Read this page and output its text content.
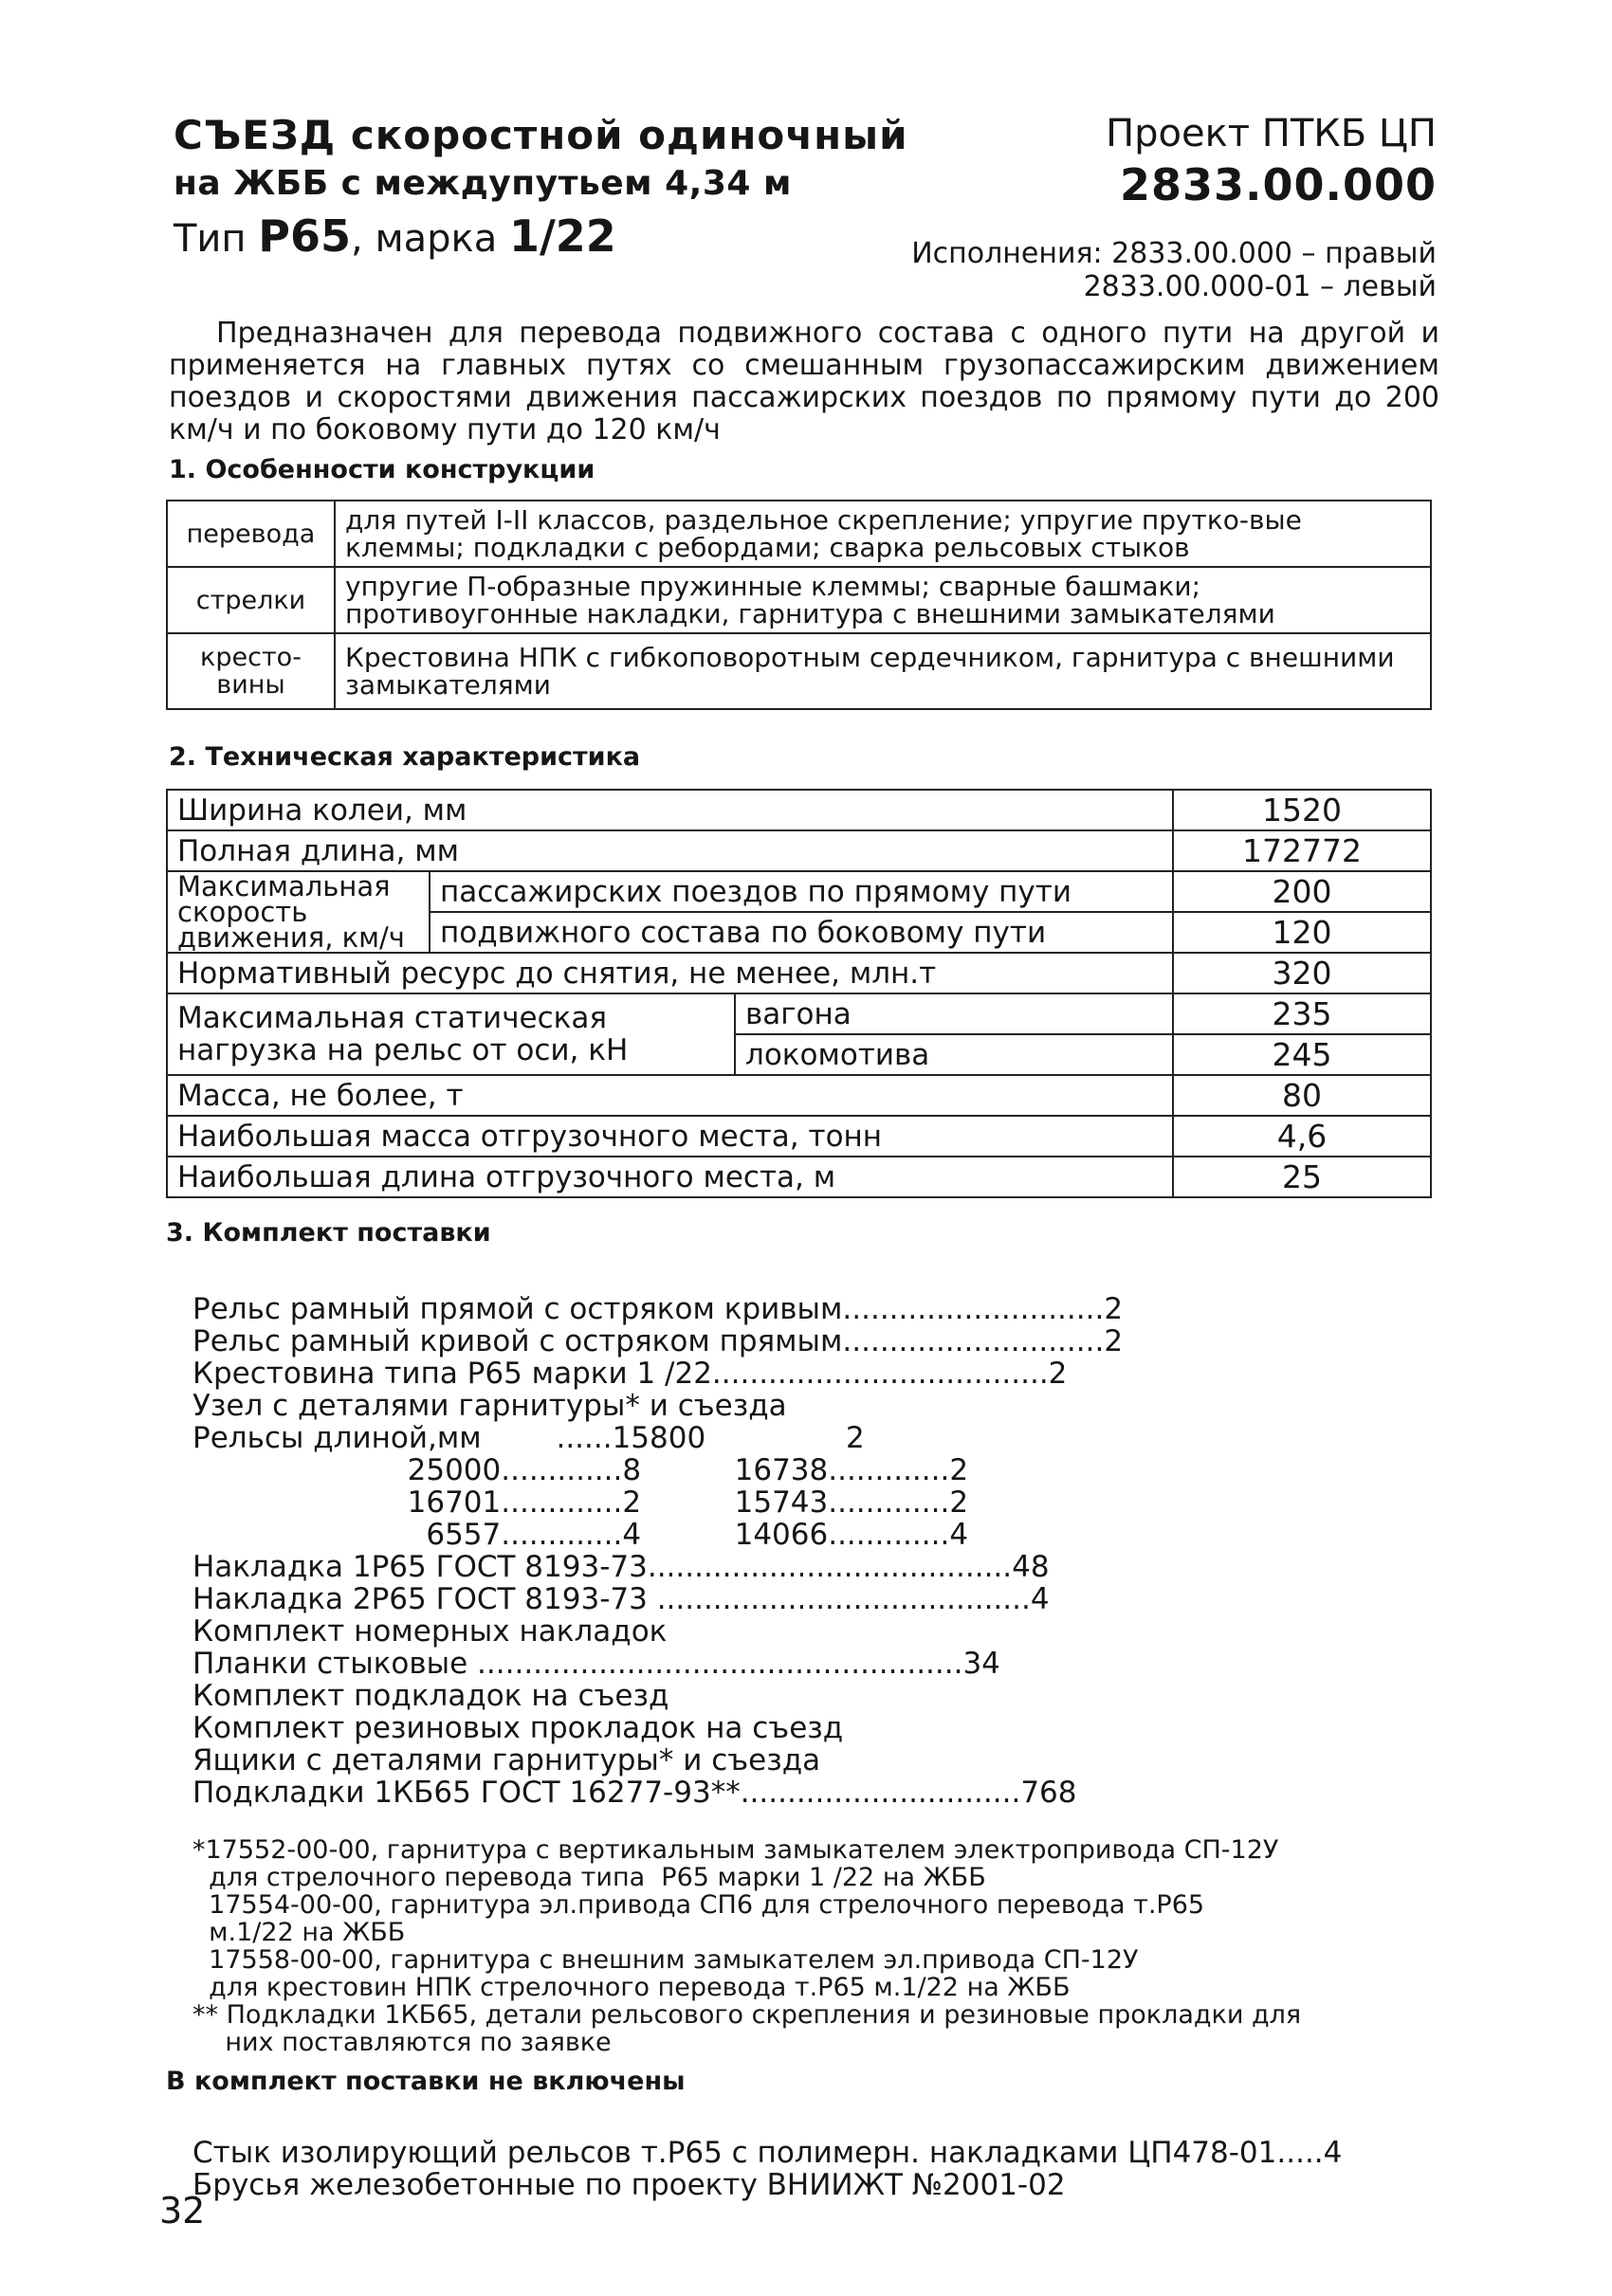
СЪЕЗД скоростной одиночный
на ЖББ с междупутьем 4,34 м
Тип Р65, марка 1/22
Проект ПТКБ ЦП
2833.00.000
Исполнения: 2833.00.000 – правый
2833.00.000-01 – левый
Предназначен для перевода подвижного состава с одного пути на другой и применяется на главных путях со смешанным грузопассажирским движением поездов и скоростями движения пассажирских поездов по прямому пути до 200 км/ч и по боковому пути до 120 км/ч
1. Особенности конструкции
перевода	для путей I-II классов, раздельное скрепление; упругие прутко-вые клеммы; подкладки с ребордами; сварка рельсовых стыков
стрелки	упругие П-образные пружинные клеммы; сварные башмаки; противоугонные накладки, гарнитура с внешними замыкателями
кресто-вины	Крестовина НПК с гибкоповоротным сердечником, гарнитура с внешними замыкателями
2. Техническая характеристика
Ширина колеи, мм			1520
Полная длина, мм			172772
Максимальная скорость движения, км/ч	пассажирских поездов по прямому пути		200
	подвижного состава по боковому пути		120
Нормативный ресурс до снятия, не менее, млн.т			320
Максимальная статическая нагрузка на рельс от оси, кН		вагона	235
		локомотива	245
Масса, не более, т			80
Наибольшая масса отгрузочного места, тонн			4,6
Наибольшая длина отгрузочного места, м			25
3. Комплект поставки

Рельс рамный прямой с остряком кривым............................2
Рельс рамный кривой с остряком прямым............................2
Крестовина типа Р65 марки 1 /22....................................2
Узел с деталями гарнитуры* и съезда
Рельсы длиной,мм        ......15800               2
25000.............8          16738.............2
16701.............2          15743.............2
6557.............4          14066.............4
Накладка 1Р65 ГОСТ 8193-73.......................................48
Накладка 2Р65 ГОСТ 8193-73 ........................................4
Комплект номерных накладок
Планки стыковые ....................................................34
Комплект подкладок на съезд
Комплект резиновых прокладок на съезд
Ящики с деталями гарнитуры* и съезда
Подкладки 1КБ65 ГОСТ 16277-93**..............................768

*17552-00-00, гарнитура с вертикальным замыкателем электропривода СП-12У
для стрелочного перевода типа  Р65 марки 1 /22 на ЖББ
17554-00-00, гарнитура эл.привода СП6 для стрелочного перевода т.Р65
м.1/22 на ЖББ
17558-00-00, гарнитура с внешним замыкателем эл.привода СП-12У
для крестовин НПК стрелочного перевода т.Р65 м.1/22 на ЖББ
** Подкладки 1КБ65, детали рельсового скрепления и резиновые прокладки для
них поставляются по заявке

В комплект поставки не включены

Стык изолирующий рельсов т.Р65 с полимерн. накладками ЦП478-01.....4
Брусья железобетонные по проекту ВНИИЖТ №2001-02

32
